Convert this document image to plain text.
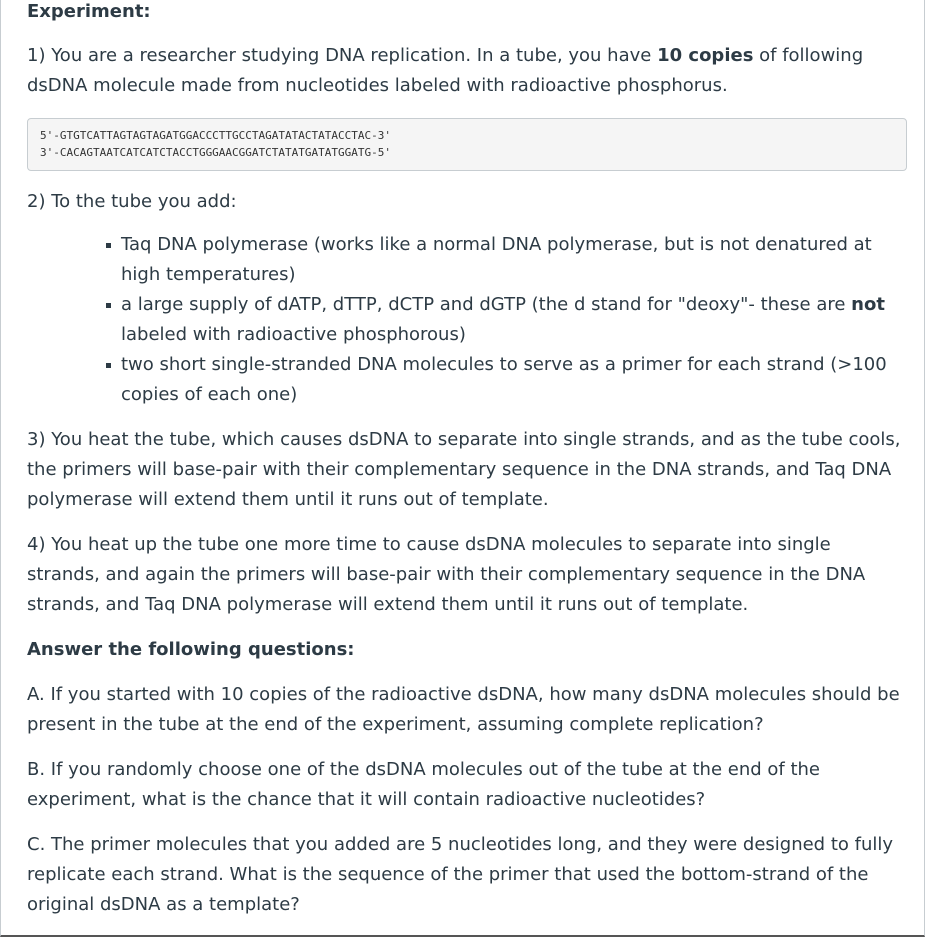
Experiment:

1) You are a researcher studying DNA replication. In a tube, you have 10 copies of following dsDNA molecule made from nucleotides labeled with radioactive phosphorus.

5'-GTGTCATTAGTAGTAGATGGACCCTTGCCTAGATATACTATACCTAC-3'
3'-CACAGTAATCATCATCTACCTGGGAACGGATCTATATGATATGGATG-5'

2) To the tube you add:

Taq DNA polymerase (works like a normal DNA polymerase, but is not denatured at high temperatures)
a large supply of dATP, dTTP, dCTP and dGTP (the d stand for "deoxy"- these are not labeled with radioactive phosphorous)
two short single-stranded DNA molecules to serve as a primer for each strand (>100 copies of each one)

3) You heat the tube, which causes dsDNA to separate into single strands, and as the tube cools, the primers will base-pair with their complementary sequence in the DNA strands, and Taq DNA polymerase will extend them until it runs out of template.

4) You heat up the tube one more time to cause dsDNA molecules to separate into single strands, and again the primers will base-pair with their complementary sequence in the DNA strands, and Taq DNA polymerase will extend them until it runs out of template.

Answer the following questions:

A. If you started with 10 copies of the radioactive dsDNA, how many dsDNA molecules should be present in the tube at the end of the experiment, assuming complete replication?

B. If you randomly choose one of the dsDNA molecules out of the tube at the end of the experiment, what is the chance that it will contain radioactive nucleotides?

C. The primer molecules that you added are 5 nucleotides long, and they were designed to fully replicate each strand. What is the sequence of the primer that used the bottom-strand of the original dsDNA as a template?
